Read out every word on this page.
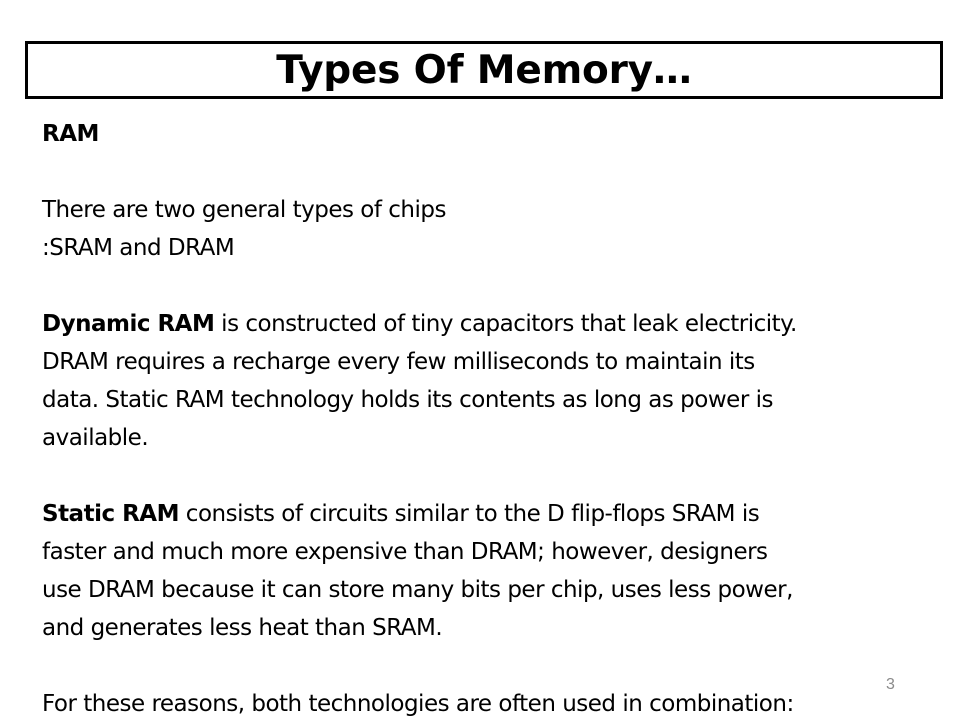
Types Of Memory…

RAM

There are two general types of chips

:SRAM and DRAM

Dynamic RAM is constructed of tiny capacitors that leak electricity.

DRAM requires a recharge every few milliseconds to maintain its

data. Static RAM technology holds its contents as long as power is

available.

Static RAM consists of circuits similar to the D flip-flops SRAM is

faster and much more expensive than DRAM; however, designers

use DRAM because it can store many bits per chip, uses less power,

and generates less heat than SRAM.

For these reasons, both technologies are often used in combination:

3
